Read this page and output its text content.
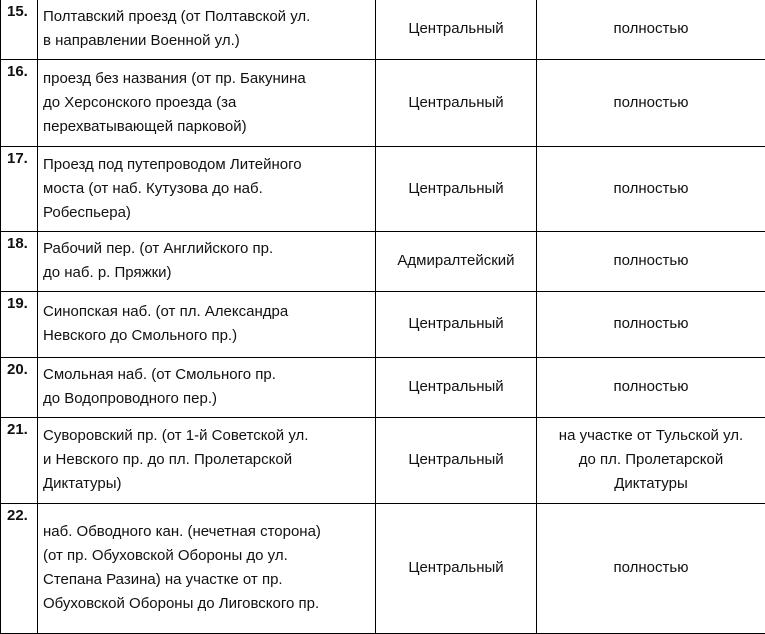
15.	Полтавский проезд (от Полтавской ул.
в направлении Военной ул.)	Центральный	полностью

16.	проезд без названия (от пр. Бакунина
до Херсонского проезда (за
перехватывающей парковой)	Центральный	полностью

17.	Проезд под путепроводом Литейного
моста (от наб. Кутузова до наб.
Робеспьера)	Центральный	полностью

18.	Рабочий пер. (от Английского пр.
до наб. р. Пряжки)	Адмиралтейский	полностью

19.	Синопская наб. (от пл. Александра
Невского до Смольного пр.)	Центральный	полностью

20.	Смольная наб. (от Смольного пр.
до Водопроводного пер.)	Центральный	полностью

21.	Суворовский пр. (от 1-й Советской ул.
и Невского пр. до пл. Пролетарской
Диктатуры)	Центральный	на участке от Тульской ул.
до пл. Пролетарской
Диктатуры

22.	наб. Обводного кан. (нечетная сторона)
(от пр. Обуховской Обороны до ул.
Степана Разина) на участке от пр.
Обуховской Обороны до Лиговского пр.	Центральный	полностью
